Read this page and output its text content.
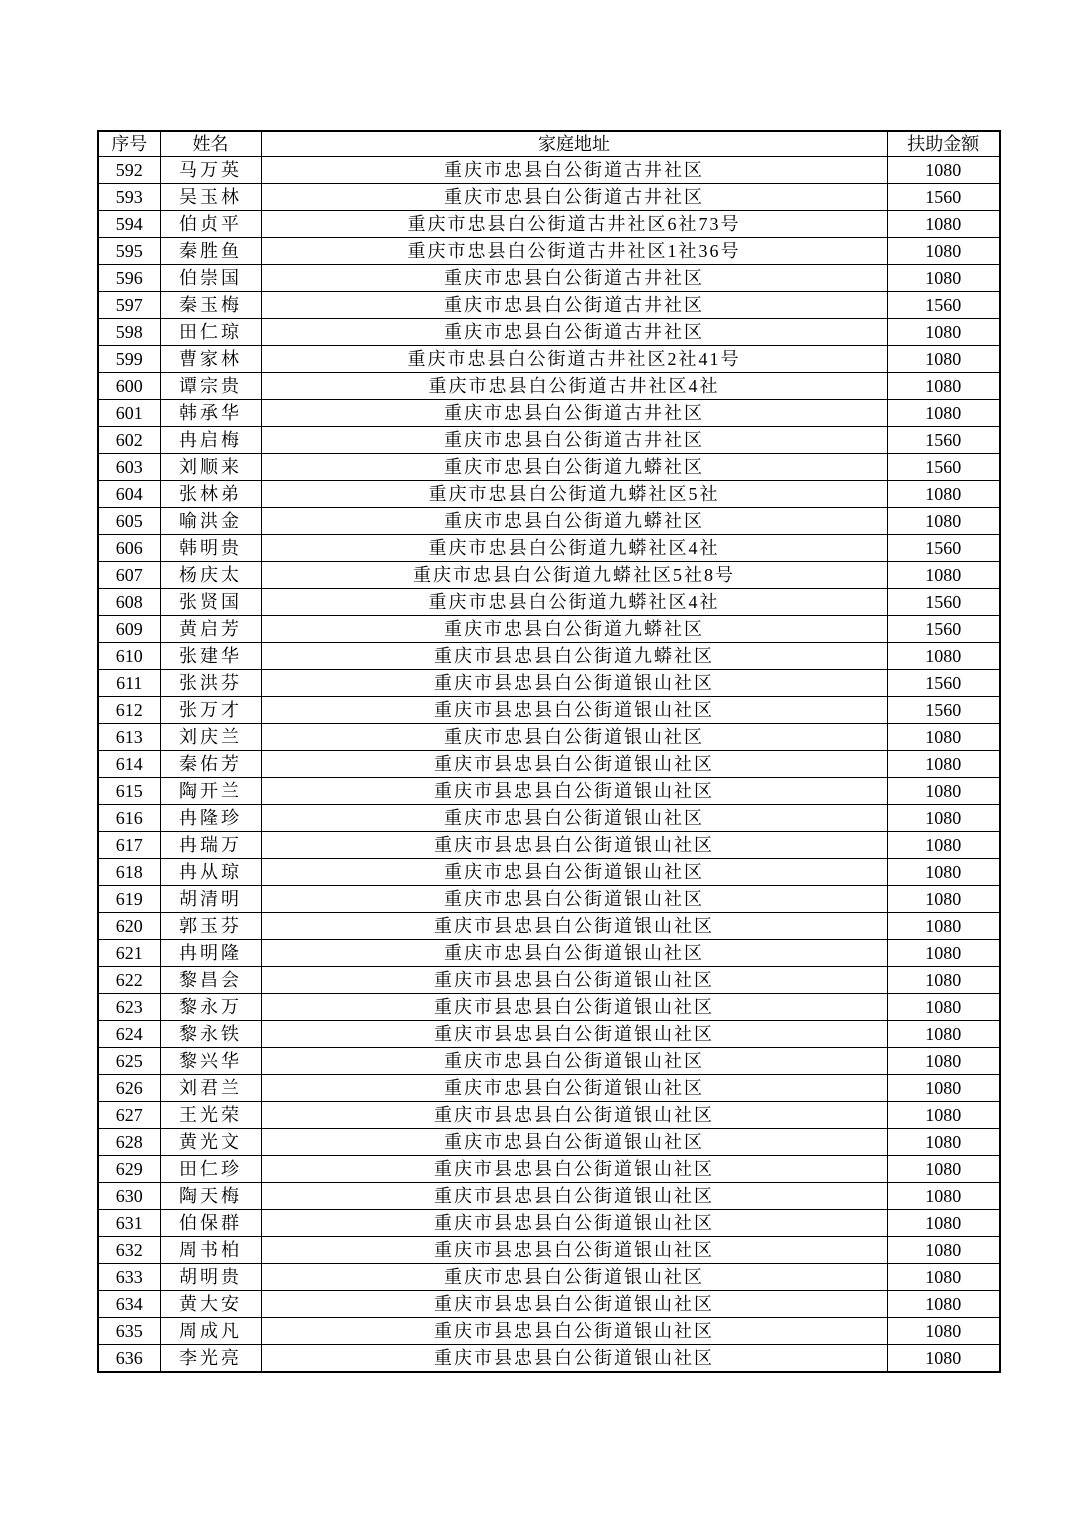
序号	姓名	家庭地址	扶助金额
592	马万英	重庆市忠县白公街道古井社区	1080
593	吴玉林	重庆市忠县白公街道古井社区	1560
594	伯贞平	重庆市忠县白公街道古井社区6社73号	1080
595	秦胜鱼	重庆市忠县白公街道古井社区1社36号	1080
596	伯崇国	重庆市忠县白公街道古井社区	1080
597	秦玉梅	重庆市忠县白公街道古井社区	1560
598	田仁琼	重庆市忠县白公街道古井社区	1080
599	曹家林	重庆市忠县白公街道古井社区2社41号	1080
600	谭宗贵	重庆市忠县白公街道古井社区4社	1080
601	韩承华	重庆市忠县白公街道古井社区	1080
602	冉启梅	重庆市忠县白公街道古井社区	1560
603	刘顺来	重庆市忠县白公街道九蟒社区	1560
604	张林弟	重庆市忠县白公街道九蟒社区5社	1080
605	喻洪金	重庆市忠县白公街道九蟒社区	1080
606	韩明贵	重庆市忠县白公街道九蟒社区4社	1560
607	杨庆太	重庆市忠县白公街道九蟒社区5社8号	1080
608	张贤国	重庆市忠县白公街道九蟒社区4社	1560
609	黄启芳	重庆市忠县白公街道九蟒社区	1560
610	张建华	重庆市县忠县白公街道九蟒社区	1080
611	张洪芬	重庆市县忠县白公街道银山社区	1560
612	张万才	重庆市县忠县白公街道银山社区	1560
613	刘庆兰	重庆市忠县白公街道银山社区	1080
614	秦佑芳	重庆市县忠县白公街道银山社区	1080
615	陶开兰	重庆市县忠县白公街道银山社区	1080
616	冉隆珍	重庆市忠县白公街道银山社区	1080
617	冉瑞万	重庆市县忠县白公街道银山社区	1080
618	冉从琼	重庆市忠县白公街道银山社区	1080
619	胡清明	重庆市忠县白公街道银山社区	1080
620	郭玉芬	重庆市县忠县白公街道银山社区	1080
621	冉明隆	重庆市忠县白公街道银山社区	1080
622	黎昌会	重庆市县忠县白公街道银山社区	1080
623	黎永万	重庆市县忠县白公街道银山社区	1080
624	黎永铁	重庆市县忠县白公街道银山社区	1080
625	黎兴华	重庆市忠县白公街道银山社区	1080
626	刘君兰	重庆市忠县白公街道银山社区	1080
627	王光荣	重庆市县忠县白公街道银山社区	1080
628	黄光文	重庆市忠县白公街道银山社区	1080
629	田仁珍	重庆市县忠县白公街道银山社区	1080
630	陶天梅	重庆市县忠县白公街道银山社区	1080
631	伯保群	重庆市县忠县白公街道银山社区	1080
632	周书柏	重庆市县忠县白公街道银山社区	1080
633	胡明贵	重庆市忠县白公街道银山社区	1080
634	黄大安	重庆市县忠县白公街道银山社区	1080
635	周成凡	重庆市县忠县白公街道银山社区	1080
636	李光亮	重庆市县忠县白公街道银山社区	1080
